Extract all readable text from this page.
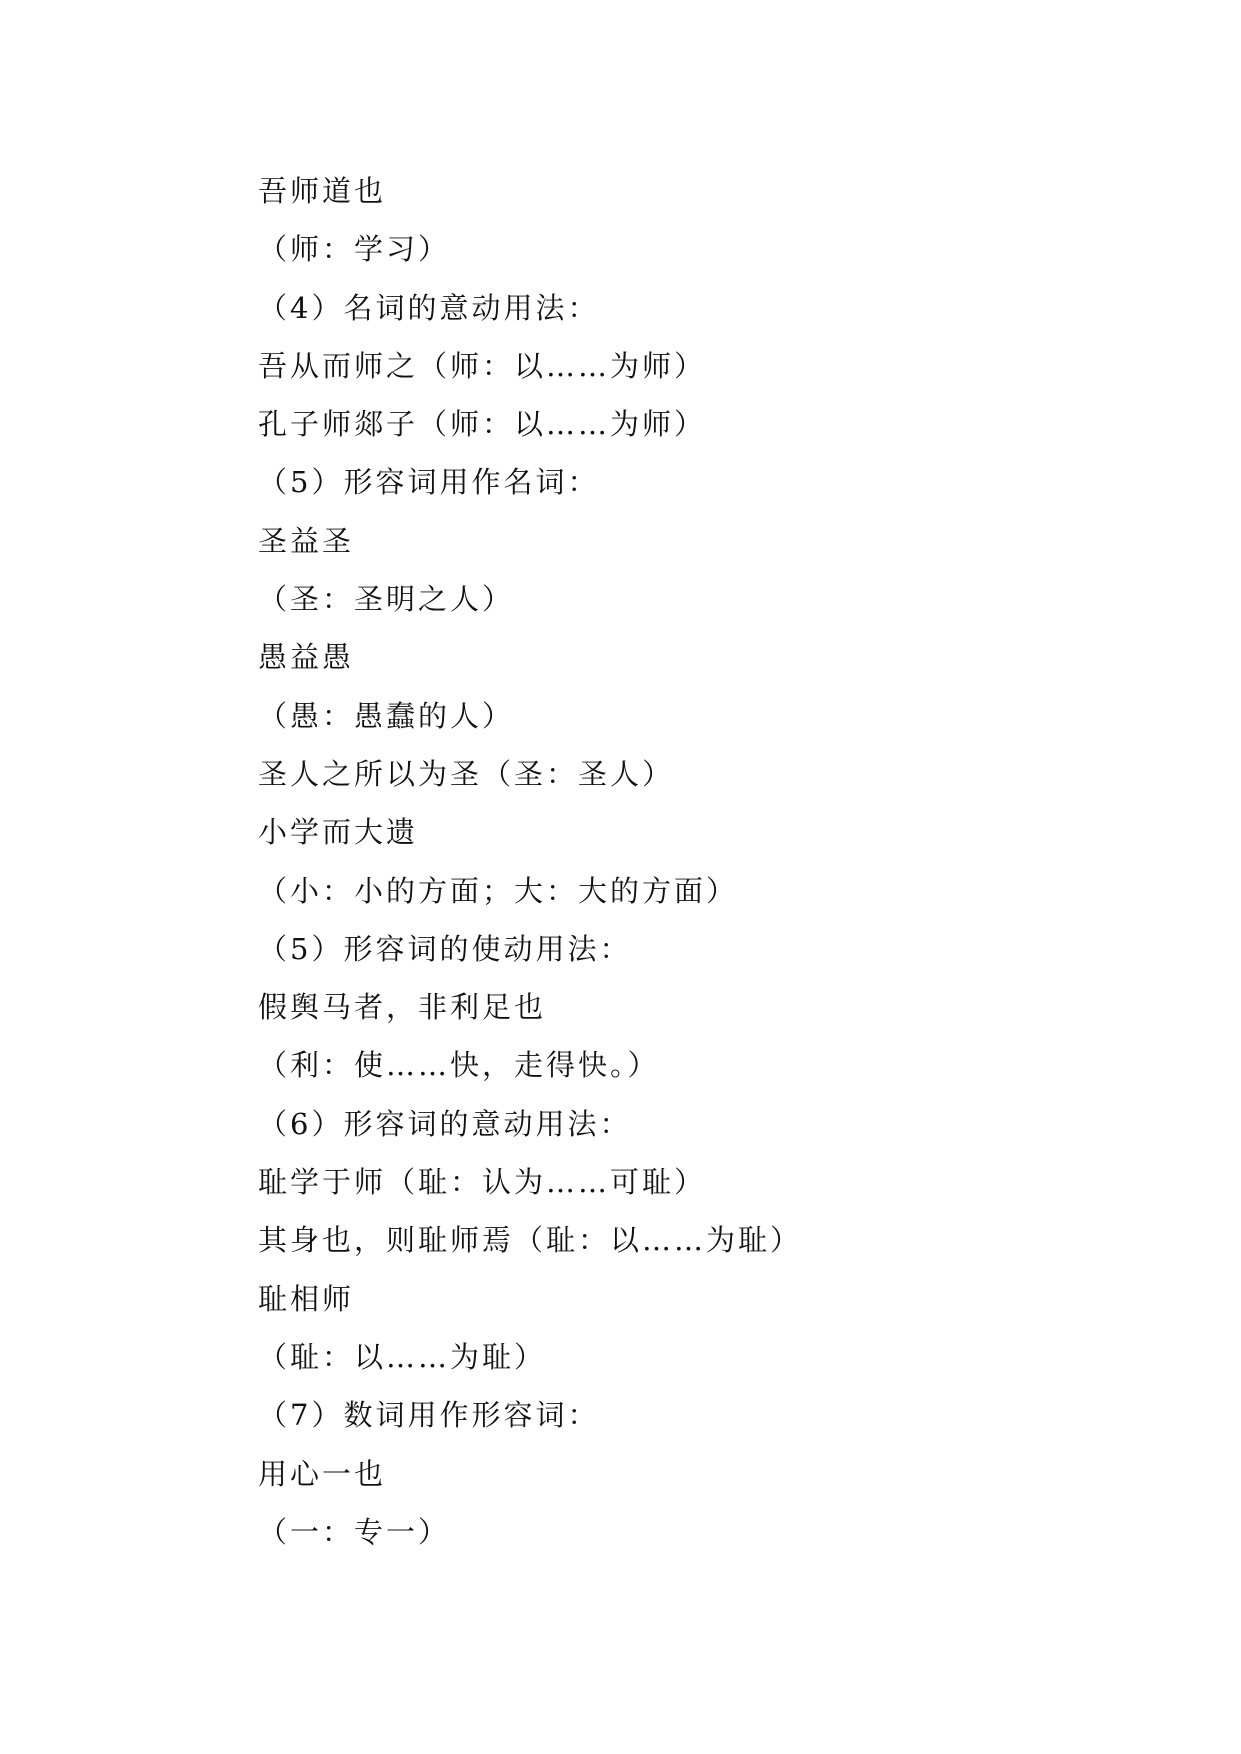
吾师道也
（师：学习）
（4）名词的意动用法：
吾从而师之（师：以……为师）
孔子师郯子（师：以……为师）
（5）形容词用作名词：
圣益圣
（圣：圣明之人）
愚益愚
（愚：愚蠢的人）
圣人之所以为圣（圣：圣人）
小学而大遗
（小：小的方面；大：大的方面）
（5）形容词的使动用法：
假舆马者，非利足也
（利：使……快，走得快。）
（6）形容词的意动用法：
耻学于师（耻：认为……可耻）
其身也，则耻师焉（耻：以……为耻）
耻相师
（耻：以……为耻）
（7）数词用作形容词：
用心一也
（一：专一）
